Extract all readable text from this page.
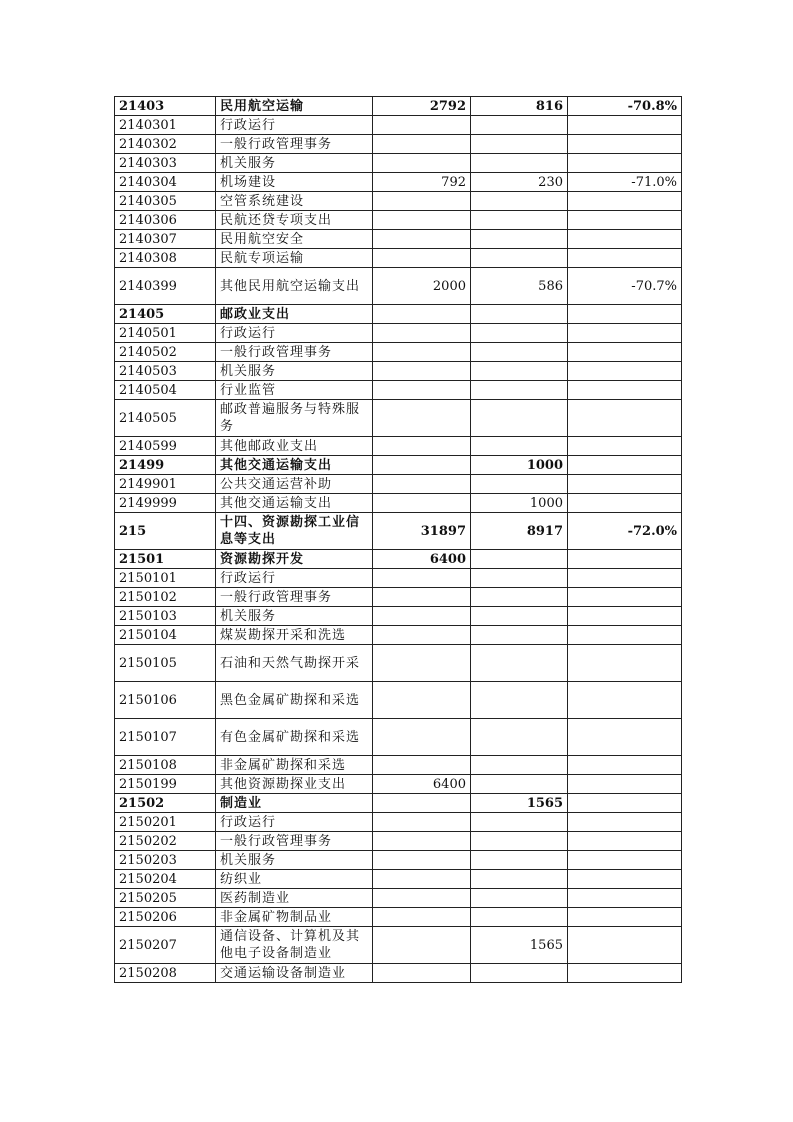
21403	民用航空运输	2792	816	-70.8%
2140301	行政运行			
2140302	一般行政管理事务			
2140303	机关服务			
2140304	机场建设	792	230	-71.0%
2140305	空管系统建设			
2140306	民航还贷专项支出			
2140307	民用航空安全			
2140308	民航专项运输			
2140399	其他民用航空运输支出	2000	586	-70.7%
21405	邮政业支出			
2140501	行政运行			
2140502	一般行政管理事务			
2140503	机关服务			
2140504	行业监管			
2140505	邮政普遍服务与特殊服务			
2140599	其他邮政业支出			
21499	其他交通运输支出		1000	
2149901	公共交通运营补助			
2149999	其他交通运输支出		1000	
215	十四、资源勘探工业信息等支出	31897	8917	-72.0%
21501	资源勘探开发	6400		
2150101	行政运行			
2150102	一般行政管理事务			
2150103	机关服务			
2150104	煤炭勘探开采和洗选			
2150105	石油和天然气勘探开采			
2150106	黑色金属矿勘探和采选			
2150107	有色金属矿勘探和采选			
2150108	非金属矿勘探和采选			
2150199	其他资源勘探业支出	6400		
21502	制造业		1565	
2150201	行政运行			
2150202	一般行政管理事务			
2150203	机关服务			
2150204	纺织业			
2150205	医药制造业			
2150206	非金属矿物制品业			
2150207	通信设备、计算机及其他电子设备制造业		1565	
2150208	交通运输设备制造业			
